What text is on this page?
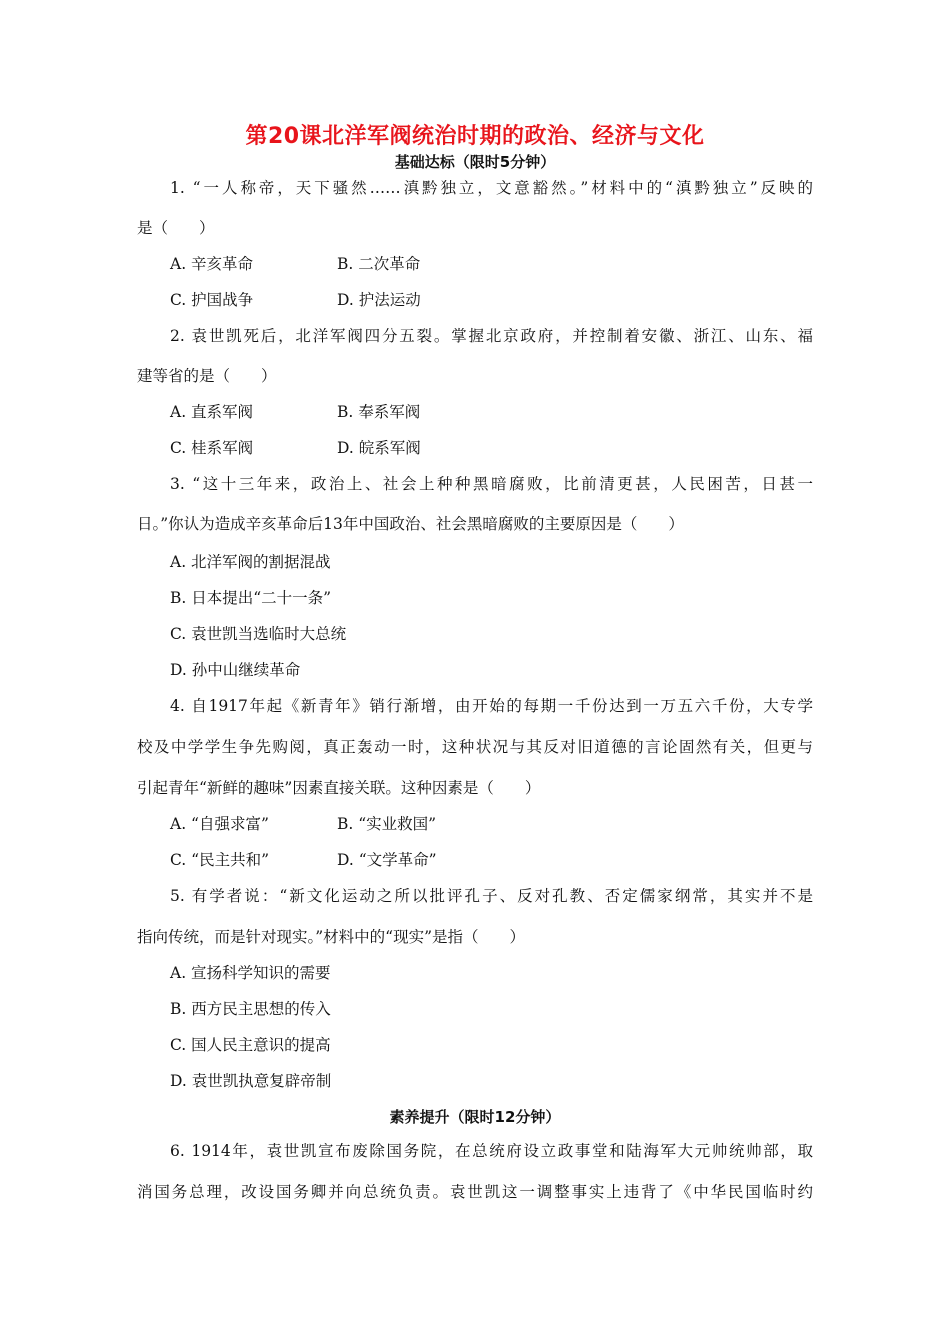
第20课北洋军阀统治时期的政治、经济与文化
基础达标（限时5分钟）
1. “一人称帝，天下骚然……滇黔独立，文意豁然。”材料中的“滇黔独立”反映的
是（　　）
A. 辛亥革命	B. 二次革命
C. 护国战争	D. 护法运动
2. 袁世凯死后，北洋军阀四分五裂。掌握北京政府，并控制着安徽、浙江、山东、福
建等省的是（　　）
A. 直系军阀	B. 奉系军阀
C. 桂系军阀	D. 皖系军阀
3. “这十三年来，政治上、社会上种种黑暗腐败，比前清更甚，人民困苦，日甚一
日。”你认为造成辛亥革命后13年中国政治、社会黑暗腐败的主要原因是（　　）
A. 北洋军阀的割据混战
B. 日本提出“二十一条”
C. 袁世凯当选临时大总统
D. 孙中山继续革命
4. 自1917年起《新青年》销行渐增，由开始的每期一千份达到一万五六千份，大专学
校及中学学生争先购阅，真正轰动一时，这种状况与其反对旧道德的言论固然有关，但更与
引起青年“新鲜的趣味”因素直接关联。这种因素是（　　）
A. “自强求富”	B. “实业救国”
C. “民主共和”	D. “文学革命”
5. 有学者说：“新文化运动之所以批评孔子、反对孔教、否定儒家纲常，其实并不是
指向传统，而是针对现实。”材料中的“现实”是指（　　）
A. 宣扬科学知识的需要
B. 西方民主思想的传入
C. 国人民主意识的提高
D. 袁世凯执意复辟帝制
素养提升（限时12分钟）
6. 1914年，袁世凯宣布废除国务院，在总统府设立政事堂和陆海军大元帅统帅部，取
消国务总理，改设国务卿并向总统负责。袁世凯这一调整事实上违背了《中华民国临时约
